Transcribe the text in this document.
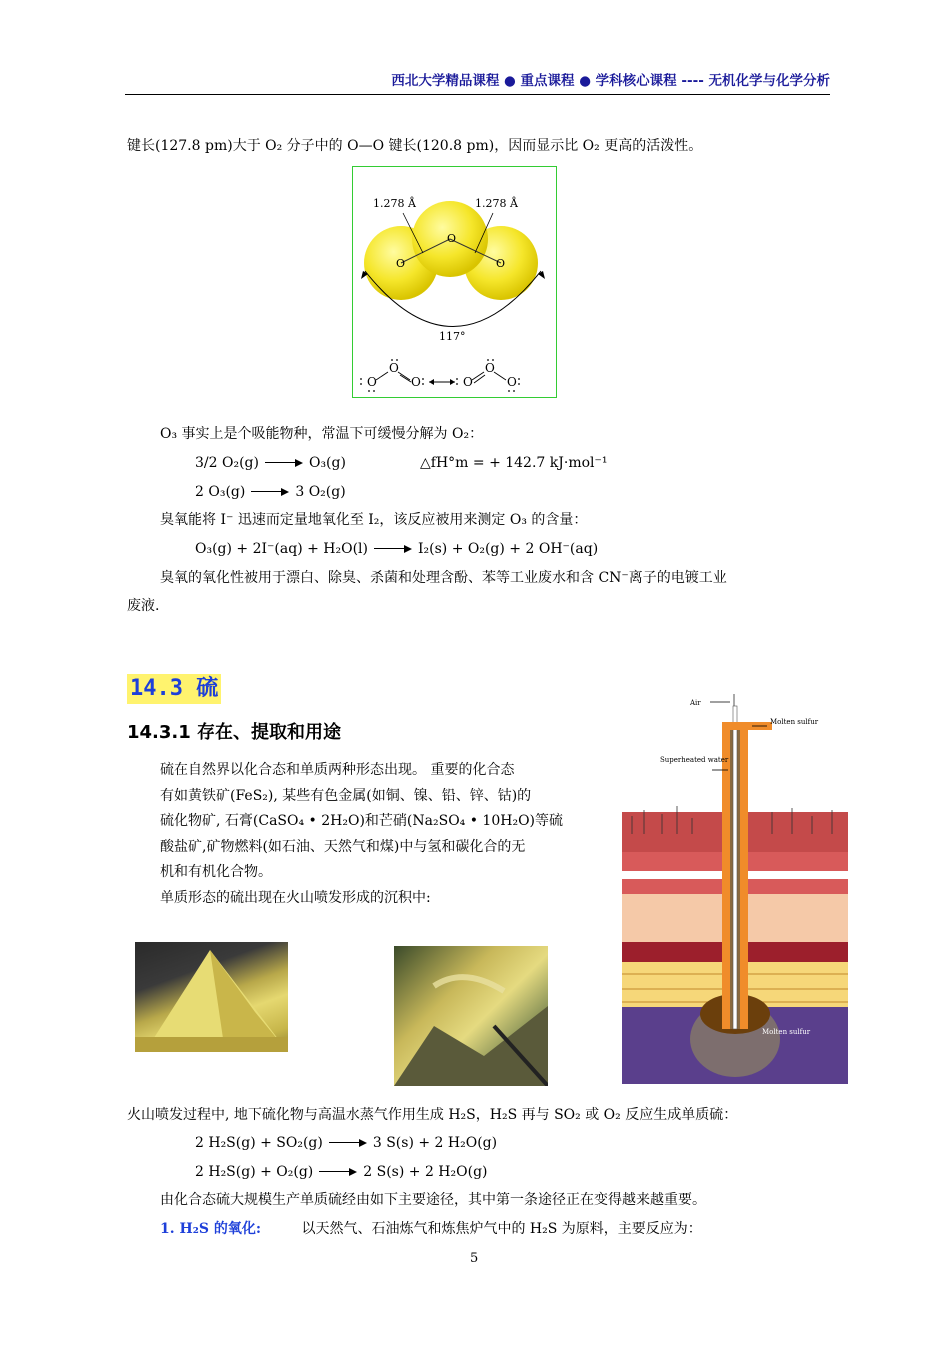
西北大学精品课程 ● 重点课程 ● 学科核心课程 ---- 无机化学与化学分析
键长(127.8 pm)大于 O₂ 分子中的 O—O 键长(120.8 pm)，因而显示比 O₂ 更高的活泼性。
O
O	O
1.278 Å	1.278 Å
117°
O
O
O	O
O
O
O₃ 事实上是个吸能物种，常温下可缓慢分解为 O₂：
3/2 O₂(g)	O₃(g)	△fH°m = + 142.7 kJ·mol⁻¹
2 O₃(g)	3 O₂(g)
臭氧能将 I⁻ 迅速而定量地氧化至 I₂，该反应被用来测定 O₃ 的含量：
O₃(g) + 2I⁻(aq) + H₂O(l)	I₂(s) + O₂(g) + 2 OH⁻(aq)
臭氧的氧化性被用于漂白、除臭、杀菌和处理含酚、苯等工业废水和含 CN⁻离子的电镀工业
废液.
14.3 硫
14.3.1 存在、提取和用途
硫在自然界以化合态和单质两种形态出现。 重要的化合态
有如黄铁矿(FeS₂), 某些有色金属(如铜、镍、铅、锌、钴)的
硫化物矿, 石膏(CaSO₄ • 2H₂O)和芒硝(Na₂SO₄ • 10H₂O)等硫
酸盐矿,矿物燃料(如石油、天然气和煤)中与氢和碳化合的无
机和有机化合物。
单质形态的硫出现在火山喷发形成的沉积中:
Air
Molten sulfur
Superheated water
Molten sulfur
火山喷发过程中, 地下硫化物与高温水蒸气作用生成 H₂S，H₂S 再与 SO₂ 或 O₂ 反应生成单质硫：
2 H₂S(g) + SO₂(g)	3 S(s) + 2 H₂O(g)
2 H₂S(g) + O₂(g)	2 S(s) + 2 H₂O(g)
由化合态硫大规模生产单质硫经由如下主要途径，其中第一条途径正在变得越来越重要。
1. H₂S 的氧化:	以天然气、石油炼气和炼焦炉气中的 H₂S 为原料，主要反应为：
5
